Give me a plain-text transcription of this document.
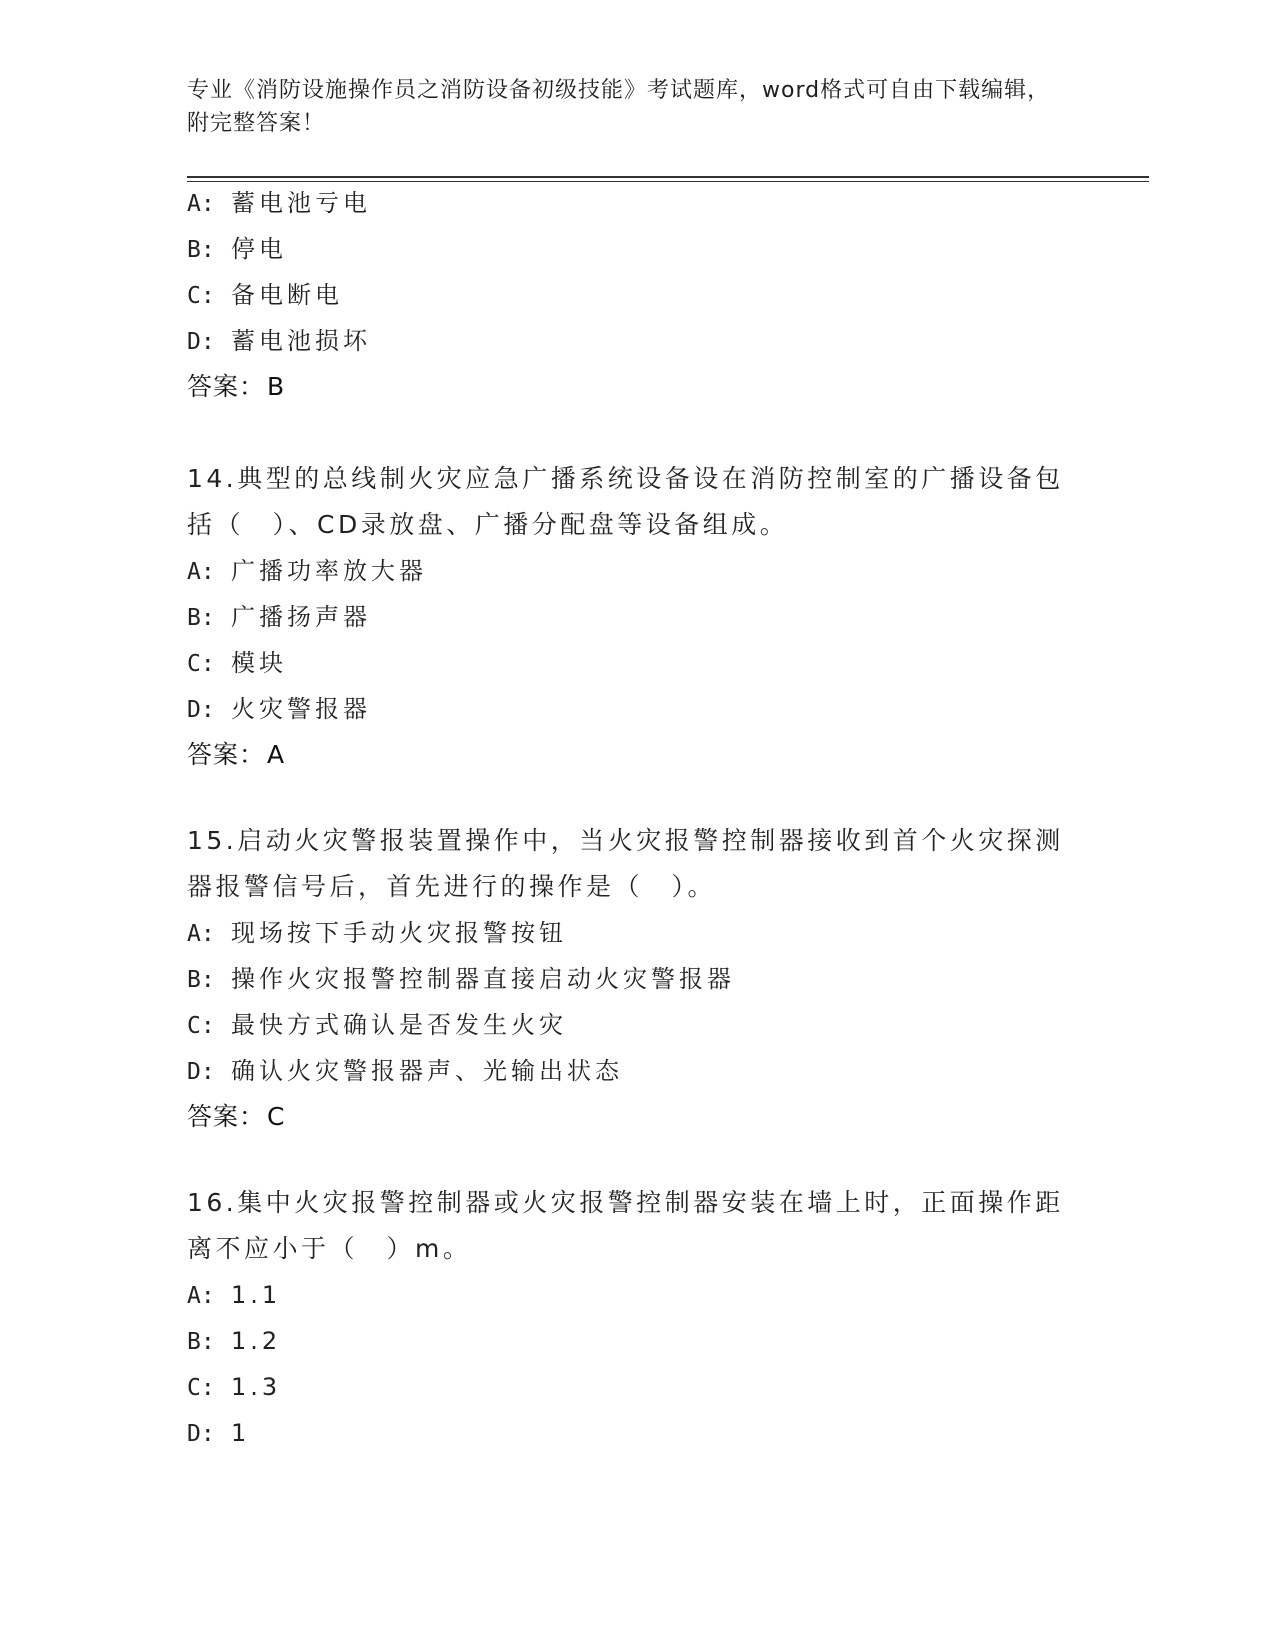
专业《消防设施操作员之消防设备初级技能》考试题库，word格式可自由下载编辑，附完整答案！
A: 蓄电池亏电
B: 停电
C: 备电断电
D: 蓄电池损坏
答案：B
14.典型的总线制火灾应急广播系统设备设在消防控制室的广播设备包括（　）、CD录放盘、广播分配盘等设备组成。
A: 广播功率放大器
B: 广播扬声器
C: 模块
D: 火灾警报器
答案：A
15.启动火灾警报装置操作中，当火灾报警控制器接收到首个火灾探测器报警信号后，首先进行的操作是（　）。
A: 现场按下手动火灾报警按钮
B: 操作火灾报警控制器直接启动火灾警报器
C: 最快方式确认是否发生火灾
D: 确认火灾警报器声、光输出状态
答案：C
16.集中火灾报警控制器或火灾报警控制器安装在墙上时，正面操作距离不应小于（　）m。
A: 1.1
B: 1.2
C: 1.3
D: 1
